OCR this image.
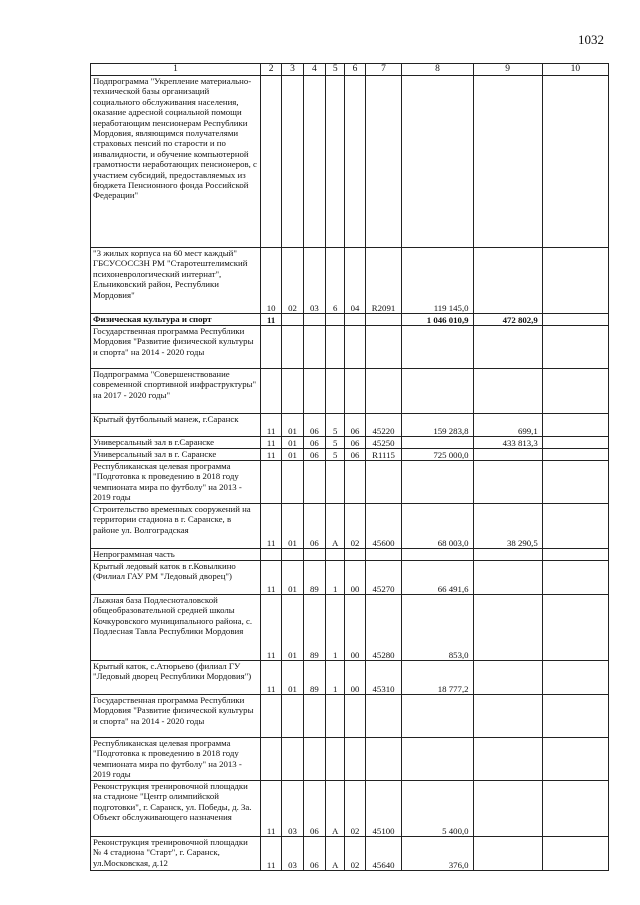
1032
1	2	3	4	5	6	7	8	9	10
Подпрограмма "Укрепление материально-технической базы организаций социального обслуживания населения, оказание адресной социальной помощи неработающим пенсионерам Республики Мордовия, являющимся получателями страховых пенсий по старости и по инвалидности, и обучение компьютерной грамотности неработающих пенсионеров, с участием субсидий, предоставляемых из бюджета Пенсионного фонда Российской Федерации"									
"3 жилых корпуса на 60 мест каждый" ГБСУСОССЗН РМ "Старотештелимский психоневрологический интернат", Ельниковский район, Республики Мордовия"	10	02	03	6	04	R2091	119 145,0		
Физическая культура и спорт	11						1 046 010,9	472 802,9	
Государственная программа Республики Мордовия "Развитие физической культуры и спорта" на 2014 - 2020 годы									
Подпрограмма "Совершенствование современной спортивной инфраструктуры" на 2017 - 2020 годы"									
Крытый футбольный манеж, г.Саранск	11	01	06	5	06	45220	159 283,8	699,1	
Универсальный зал в г.Саранске	11	01	06	5	06	45250		433 813,3	
Универсальный зал в г. Саранске	11	01	06	5	06	R1115	725 000,0		
Республиканская целевая программа "Подготовка к проведению в 2018 году чемпионата мира по футболу" на 2013 - 2019 годы									
Строительство временных сооружений на территории стадиона в г. Саранске, в районе ул. Волгоградская	11	01	06	А	02	45600	68 003,0	38 290,5	
Непрограммная часть									
Крытый ледовый каток в г.Ковылкино (Филиал ГАУ РМ "Ледовый дворец")	11	01	89	1	00	45270	66 491,6		
Лыжная база Подлесноталовской общеобразовательной средней школы Кочкуровского муниципального района, с. Подлесная Тавла Республики Мордовия	11	01	89	1	00	45280	853,0		
Крытый каток, с.Атюрьево (филиал ГУ "Ледовый дворец Республики Мордовия")	11	01	89	1	00	45310	18 777,2		
Государственная программа Республики Мордовия "Развитие физической культуры и спорта" на 2014 - 2020 годы									
Республиканская целевая программа "Подготовка к проведению в 2018 году чемпионата мира по футболу" на 2013 - 2019 годы									
Реконструкция тренировочной площадки на стадионе "Центр олимпийской подготовки", г. Саранск, ул. Победы, д. 3а. Объект обслуживающего назначения	11	03	06	А	02	45100	5 400,0		
Реконструкция тренировочной площадки № 4 стадиона "Старт", г. Саранск, ул.Московская, д.12	11	03	06	А	02	45640	376,0		
